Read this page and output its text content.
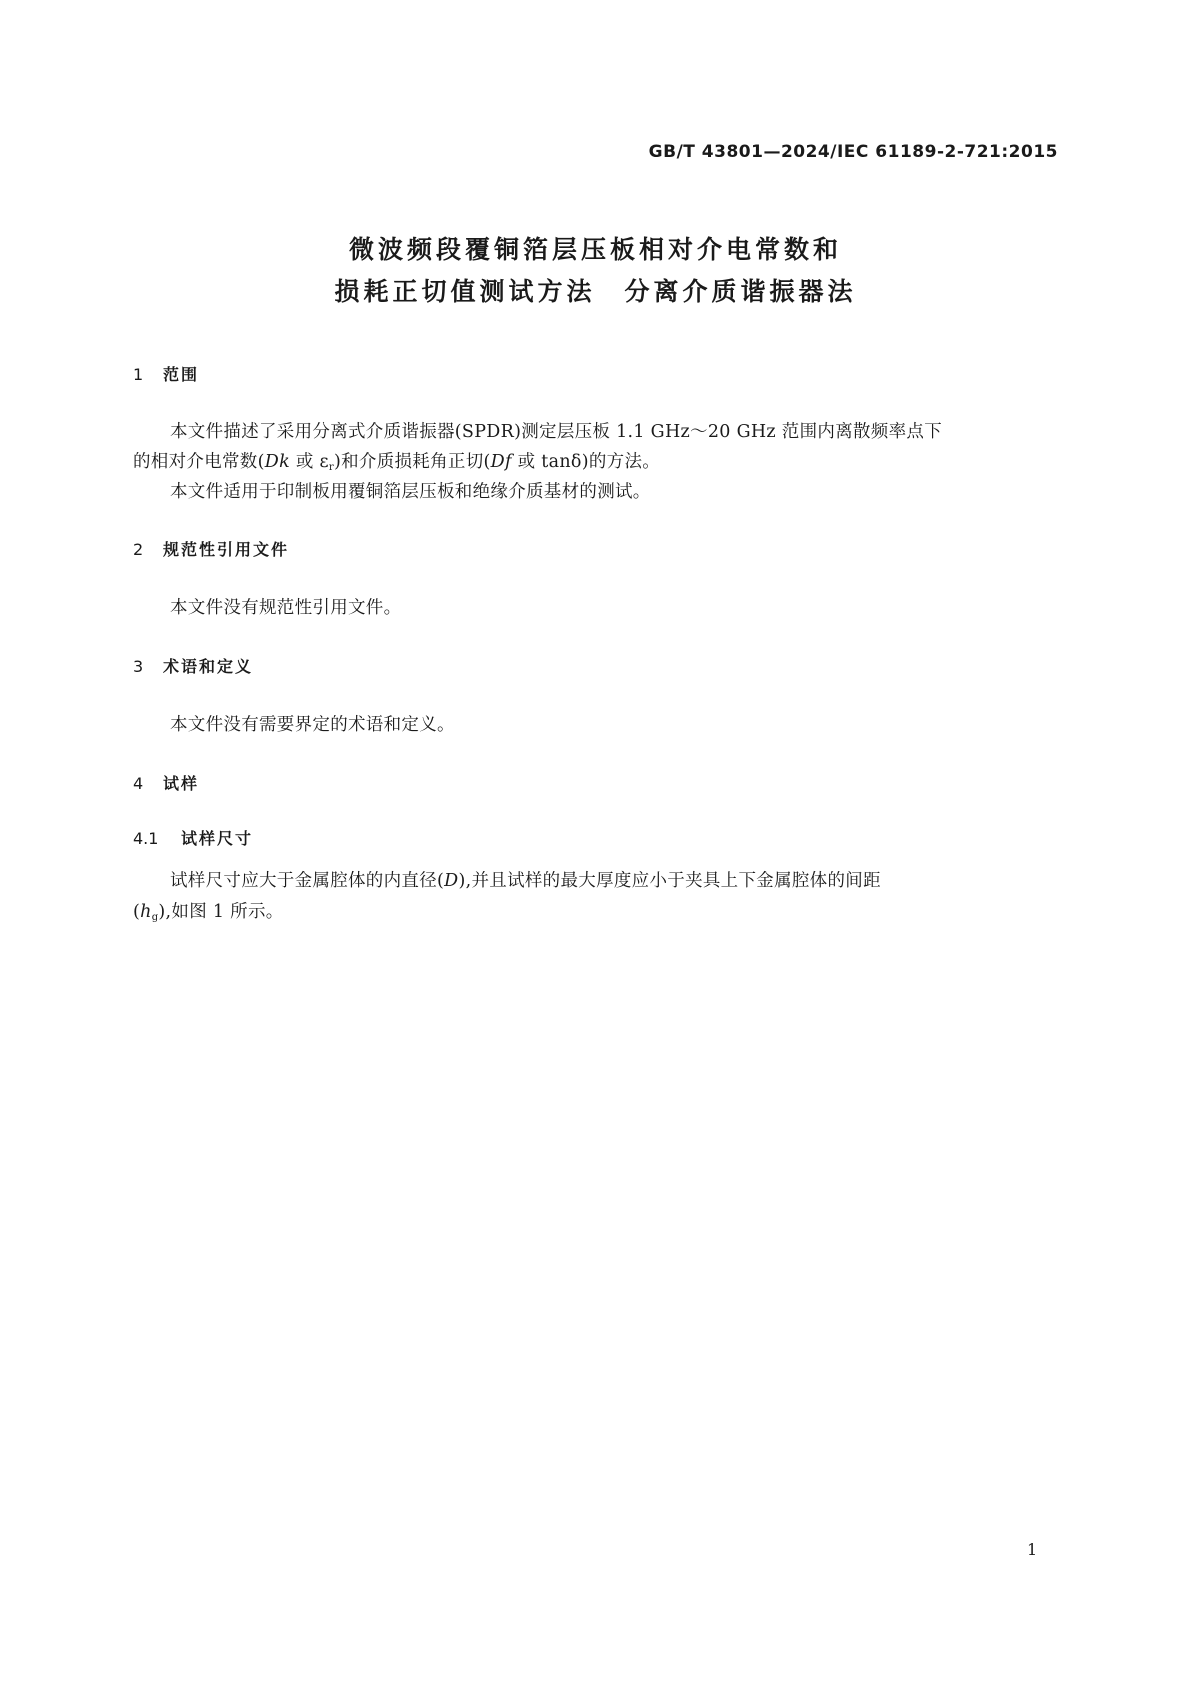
GB/T 43801—2024/IEC 61189-2-721:2015
微波频段覆铜箔层压板相对介电常数和
损耗正切值测试方法　分离介质谐振器法
1 范围
本文件描述了采用分离式介质谐振器(SPDR)测定层压板 1.1 GHz～20 GHz 范围内离散频率点下
的相对介电常数(Dk 或 $\varepsilon_r$)和介质损耗角正切(Df 或 tanδ)的方法。
本文件适用于印制板用覆铜箔层压板和绝缘介质基材的测试。
2 规范性引用文件
本文件没有规范性引用文件。
3 术语和定义
本文件没有需要界定的术语和定义。
4 试样
4.1 试样尺寸
试样尺寸应大于金属腔体的内直径(D),并且试样的最大厚度应小于夹具上下金属腔体的间距
$(h_g)$,如图 1 所示。
1
